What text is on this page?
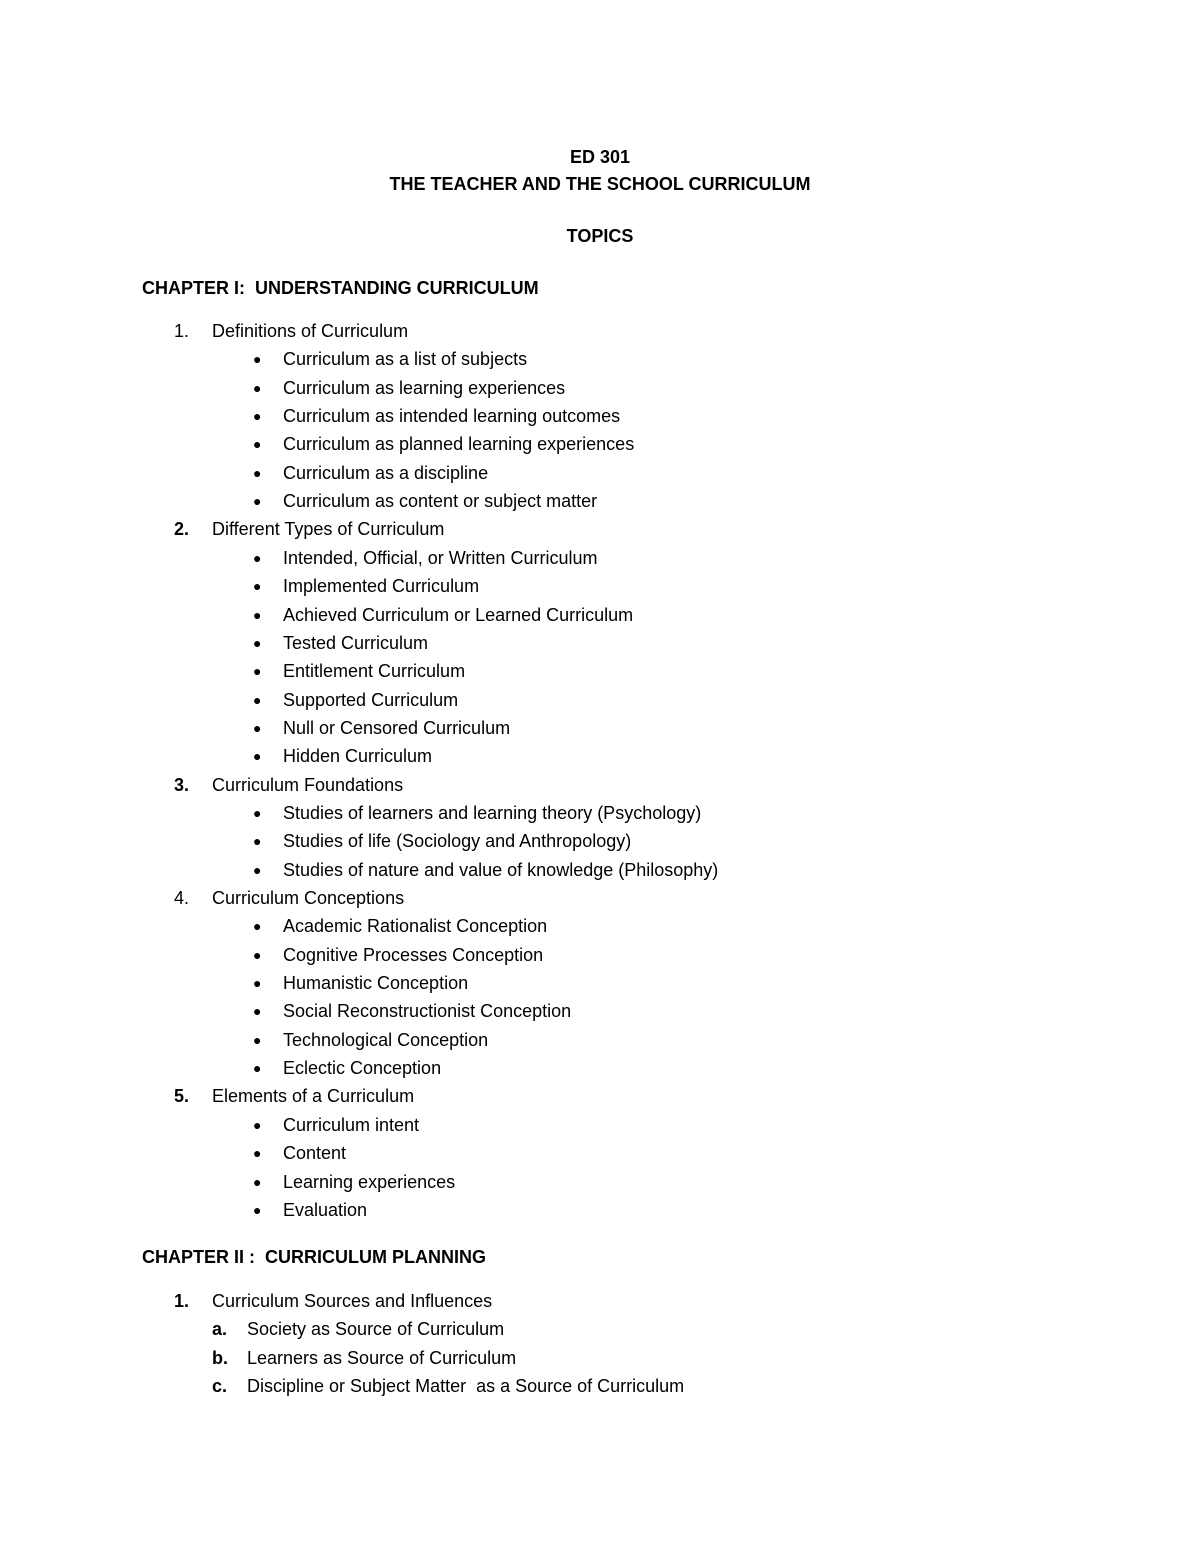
ED 301
THE TEACHER AND THE SCHOOL CURRICULUM
TOPICS
CHAPTER I:  UNDERSTANDING CURRICULUM
1.	Definitions of Curriculum
● Curriculum as a list of subjects
● Curriculum as learning experiences
● Curriculum as intended learning outcomes
● Curriculum as planned learning experiences
● Curriculum as a discipline
● Curriculum as content or subject matter
2.	Different Types of Curriculum
● Intended, Official, or Written Curriculum
● Implemented Curriculum
● Achieved Curriculum or Learned Curriculum
● Tested Curriculum
● Entitlement Curriculum
● Supported Curriculum
● Null or Censored Curriculum
● Hidden Curriculum
3.	Curriculum Foundations
● Studies of learners and learning theory (Psychology)
● Studies of life (Sociology and Anthropology)
● Studies of nature and value of knowledge (Philosophy)
4.	Curriculum Conceptions
● Academic Rationalist Conception
● Cognitive Processes Conception
● Humanistic Conception
● Social Reconstructionist Conception
● Technological Conception
● Eclectic Conception
5.	Elements of a Curriculum
● Curriculum intent
● Content
● Learning experiences
● Evaluation
CHAPTER II :  CURRICULUM PLANNING
1.	Curriculum Sources and Influences
a. Society as Source of Curriculum
b. Learners as Source of Curriculum
c. Discipline or Subject Matter  as a Source of Curriculum
